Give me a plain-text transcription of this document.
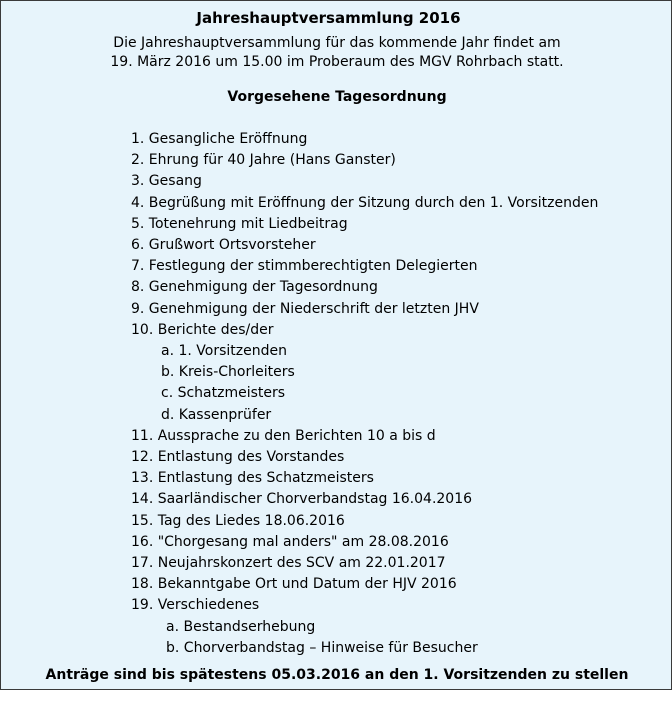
Jahreshauptversammlung 2016
Die Jahreshauptversammlung für das kommende Jahr findet am
19. März 2016 um 15.00 im Proberaum des MGV Rohrbach statt.
Vorgesehene Tagesordnung
1. Gesangliche Eröffnung
2. Ehrung für 40 Jahre (Hans Ganster)
3. Gesang
4. Begrüßung mit Eröffnung der Sitzung durch den 1. Vorsitzenden
5. Totenehrung mit Liedbeitrag
6. Grußwort Ortsvorsteher
7. Festlegung der stimmberechtigten Delegierten
8. Genehmigung der Tagesordnung
9. Genehmigung der Niederschrift der letzten JHV
10. Berichte des/der
a. 1. Vorsitzenden
b. Kreis-Chorleiters
c. Schatzmeisters
d. Kassenprüfer
11. Aussprache zu den Berichten 10 a bis d
12. Entlastung des Vorstandes
13. Entlastung des Schatzmeisters
14. Saarländischer Chorverbandstag 16.04.2016
15. Tag des Liedes 18.06.2016
16. "Chorgesang mal anders" am 28.08.2016
17. Neujahrskonzert des SCV am 22.01.2017
18. Bekanntgabe Ort und Datum der HJV 2016
19. Verschiedenes
a. Bestandserhebung
b. Chorverbandstag – Hinweise für Besucher
Anträge sind bis spätestens 05.03.2016 an den 1. Vorsitzenden zu stellen
